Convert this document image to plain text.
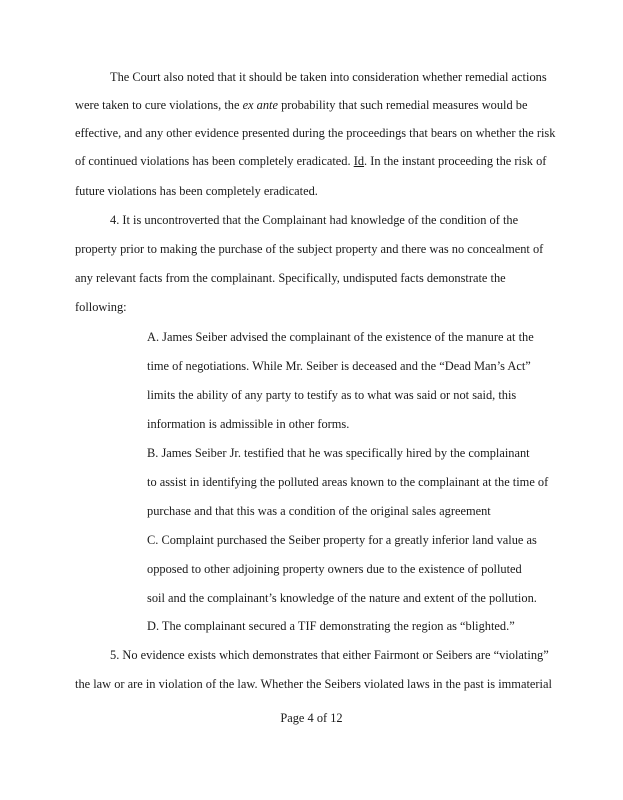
The Court also noted that it should be taken into consideration whether remedial actions
were taken to cure violations, the ex ante probability that such remedial measures would be
effective, and any other evidence presented during the proceedings that bears on whether the risk
of continued violations has been completely eradicated. Id. In the instant proceeding the risk of
future violations has been completely eradicated.
4. It is uncontroverted that the Complainant had knowledge of the condition of the
property prior to making the purchase of the subject property and there was no concealment of
any relevant facts from the complainant. Specifically, undisputed facts demonstrate the
following:
A. James Seiber advised the complainant of the existence of the manure at the
time of negotiations. While Mr. Seiber is deceased and the “Dead Man’s Act”
limits the ability of any party to testify as to what was said or not said, this
information is admissible in other forms.
B. James Seiber Jr. testified that he was specifically hired by the complainant
to assist in identifying the polluted areas known to the complainant at the time of
purchase and that this was a condition of the original sales agreement
C. Complaint purchased the Seiber property for a greatly inferior land value as
opposed to other adjoining property owners due to the existence of polluted
soil and the complainant’s knowledge of the nature and extent of the pollution.
D. The complainant secured a TIF demonstrating the region as “blighted.”
5. No evidence exists which demonstrates that either Fairmont or Seibers are “violating”
the law or are in violation of the law. Whether the Seibers violated laws in the past is immaterial
Page 4 of 12
